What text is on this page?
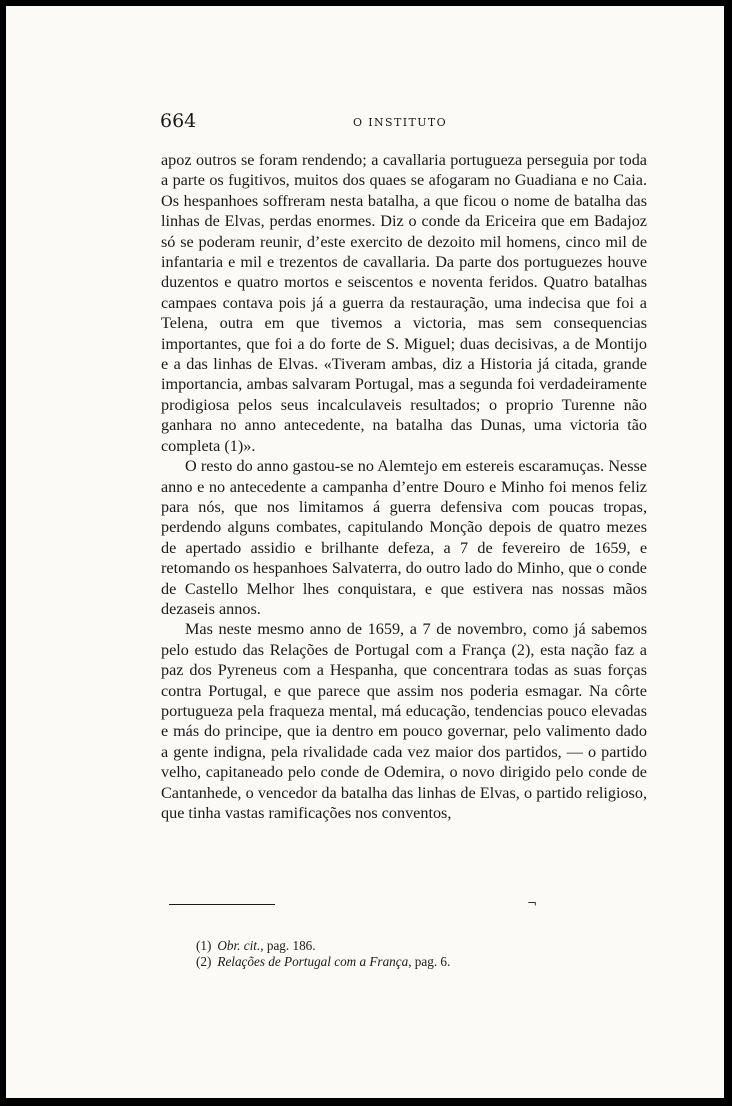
664	O INSTITUTO

apoz outros se foram rendendo; a cavallaria portugueza perseguia por toda a parte os fugitivos, muitos dos quaes se afogaram no Guadiana e no Caia. Os hespanhoes soffreram nesta batalha, a que ficou o nome de batalha das linhas de Elvas, perdas enormes. Diz o conde da Ericeira que em Badajoz só se poderam reunir, d’este exercito de dezoito mil homens, cinco mil de infantaria e mil e trezentos de cavallaria. Da parte dos portuguezes houve duzentos e quatro mortos e seiscentos e noventa feridos. Quatro batalhas campaes contava pois já a guerra da restauração, uma indecisa que foi a Telena, outra em que tivemos a victoria, mas sem consequencias importantes, que foi a do forte de S. Miguel; duas decisivas, a de Montijo e a das linhas de Elvas. «Tiveram ambas, diz a Historia já citada, grande importancia, ambas salvaram Portugal, mas a segunda foi verdadeiramente prodigiosa pelos seus incalculaveis resultados; o proprio Turenne não ganhara no anno antecedente, na batalha das Dunas, uma victoria tão completa (1)».

O resto do anno gastou-se no Alemtejo em estereis escaramuças. Nesse anno e no antecedente a campanha d’entre Douro e Minho foi menos feliz para nós, que nos limitamos á guerra defensiva com poucas tropas, perdendo alguns combates, capitulando Monção depois de quatro mezes de apertado assidio e brilhante defeza, a 7 de fevereiro de 1659, e retomando os hespanhoes Salvaterra, do outro lado do Minho, que o conde de Castello Melhor lhes conquistara, e que estivera nas nossas mãos dezaseis annos.

Mas neste mesmo anno de 1659, a 7 de novembro, como já sabemos pelo estudo das Relações de Portugal com a França (2), esta nação faz a paz dos Pyreneus com a Hespanha, que concentrara todas as suas forças contra Portugal, e que parece que assim nos poderia esmagar. Na côrte portugueza pela fraqueza mental, má educação, tendencias pouco elevadas e más do principe, que ia dentro em pouco governar, pelo valimento dado a gente indigna, pela rivalidade cada vez maior dos partidos, — o partido velho, capitaneado pelo conde de Odemira, o novo dirigido pelo conde de Cantanhede, o vencedor da batalha das linhas de Elvas, o partido religioso, que tinha vastas ramificações nos conventos,

¬
(1) Obr. cit., pag. 186.
(2) Relações de Portugal com a França, pag. 6.
